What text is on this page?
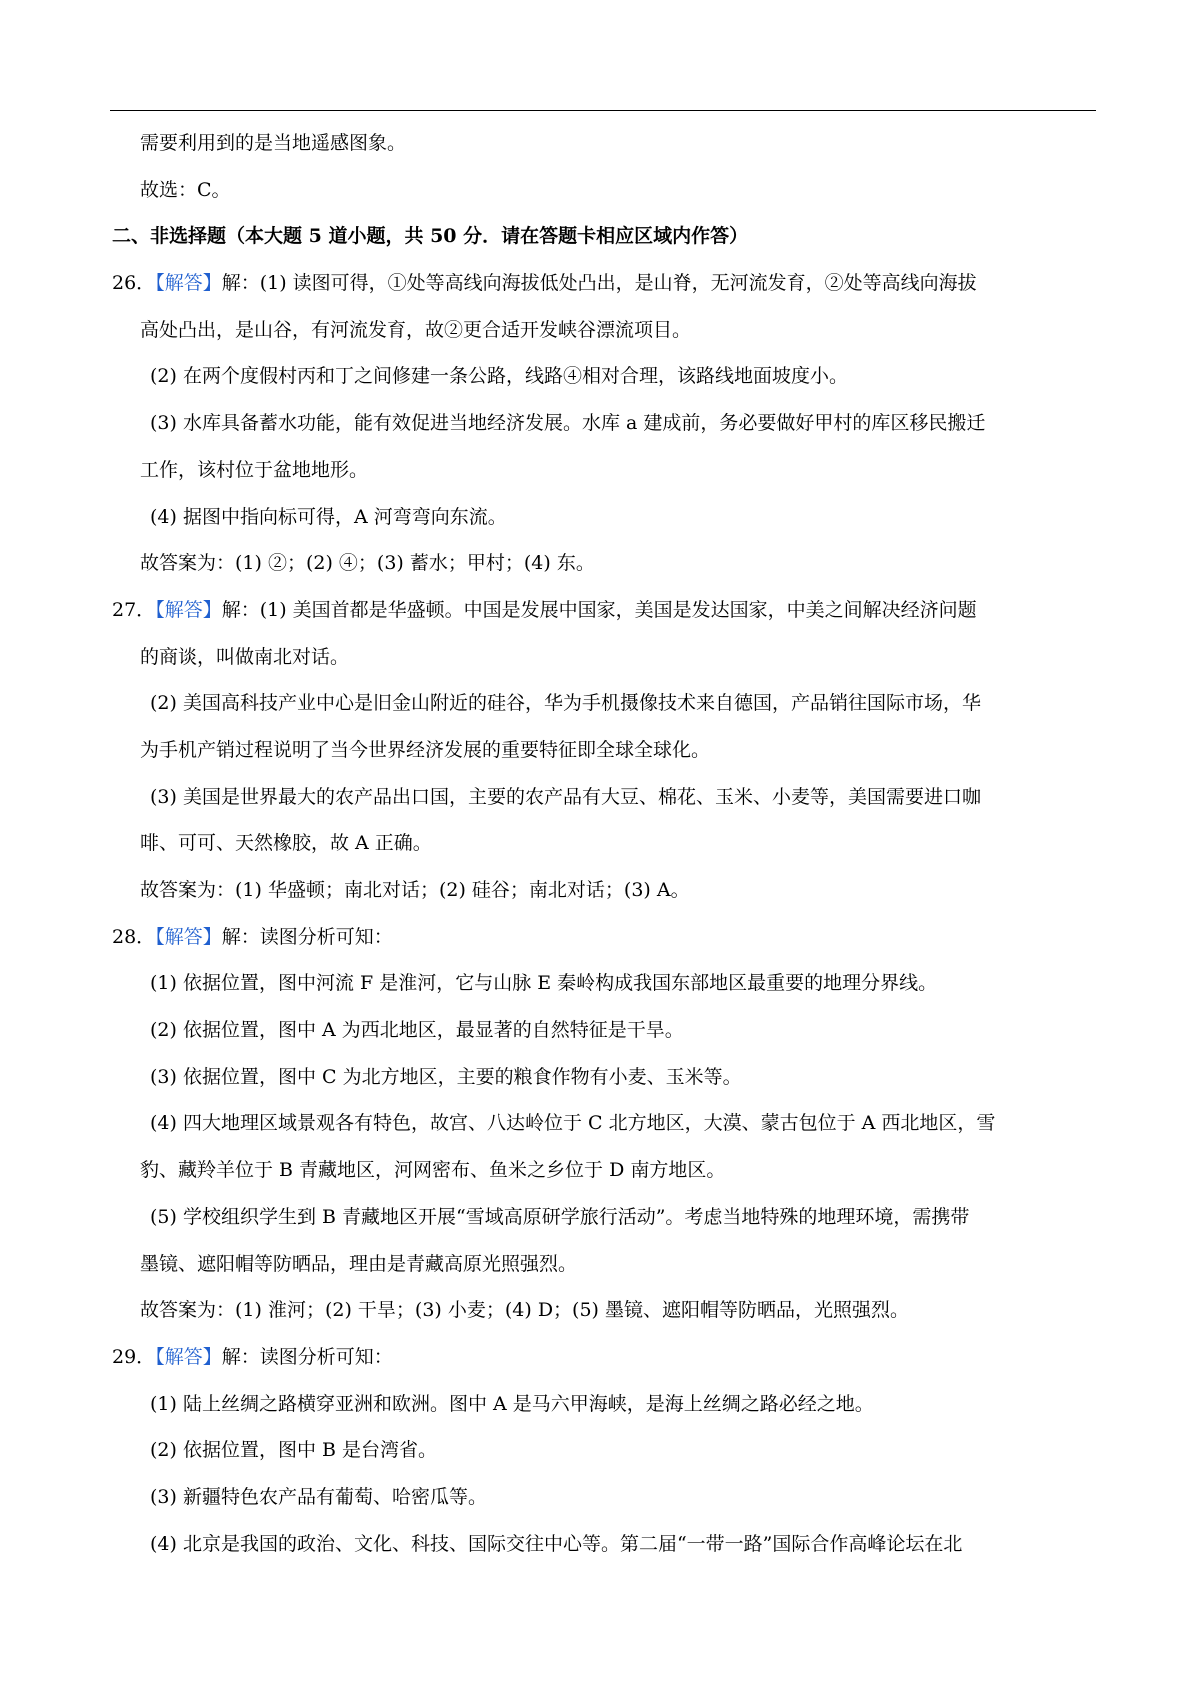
需要利用到的是当地遥感图象。
故选：C。
二、非选择题（本大题 5 道小题，共 50 分．请在答题卡相应区域内作答）
26．【解答】解：(1) 读图可得，①处等高线向海拔低处凸出，是山脊，无河流发育，②处等高线向海拔
高处凸出，是山谷，有河流发育，故②更合适开发峡谷漂流项目。
(2) 在两个度假村丙和丁之间修建一条公路，线路④相对合理，该路线地面坡度小。
(3) 水库具备蓄水功能，能有效促进当地经济发展。水库 a 建成前，务必要做好甲村的库区移民搬迁
工作，该村位于盆地地形。
(4) 据图中指向标可得，A 河弯弯向东流。
故答案为：(1) ②；(2) ④；(3) 蓄水；甲村；(4) 东。
27．【解答】解：(1) 美国首都是华盛顿。中国是发展中国家，美国是发达国家，中美之间解决经济问题
的商谈，叫做南北对话。
(2) 美国高科技产业中心是旧金山附近的硅谷，华为手机摄像技术来自德国，产品销往国际市场，华
为手机产销过程说明了当今世界经济发展的重要特征即全球全球化。
(3) 美国是世界最大的农产品出口国，主要的农产品有大豆、棉花、玉米、小麦等，美国需要进口咖
啡、可可、天然橡胶，故 A 正确。
故答案为：(1) 华盛顿；南北对话；(2) 硅谷；南北对话；(3) A。
28．【解答】解：读图分析可知：
(1) 依据位置，图中河流 F 是淮河，它与山脉 E 秦岭构成我国东部地区最重要的地理分界线。
(2) 依据位置，图中 A 为西北地区，最显著的自然特征是干旱。
(3) 依据位置，图中 C 为北方地区，主要的粮食作物有小麦、玉米等。
(4) 四大地理区域景观各有特色，故宫、八达岭位于 C 北方地区，大漠、蒙古包位于 A 西北地区，雪
豹、藏羚羊位于 B 青藏地区，河网密布、鱼米之乡位于 D 南方地区。
(5) 学校组织学生到 B 青藏地区开展“雪域高原研学旅行活动”。考虑当地特殊的地理环境，需携带
墨镜、遮阳帽等防晒品，理由是青藏高原光照强烈。
故答案为：(1) 淮河；(2) 干旱；(3) 小麦；(4) D；(5) 墨镜、遮阳帽等防晒品，光照强烈。
29．【解答】解：读图分析可知：
(1) 陆上丝绸之路横穿亚洲和欧洲。图中 A 是马六甲海峡，是海上丝绸之路必经之地。
(2) 依据位置，图中 B 是台湾省。
(3) 新疆特色农产品有葡萄、哈密瓜等。
(4) 北京是我国的政治、文化、科技、国际交往中心等。第二届“一带一路”国际合作高峰论坛在北
